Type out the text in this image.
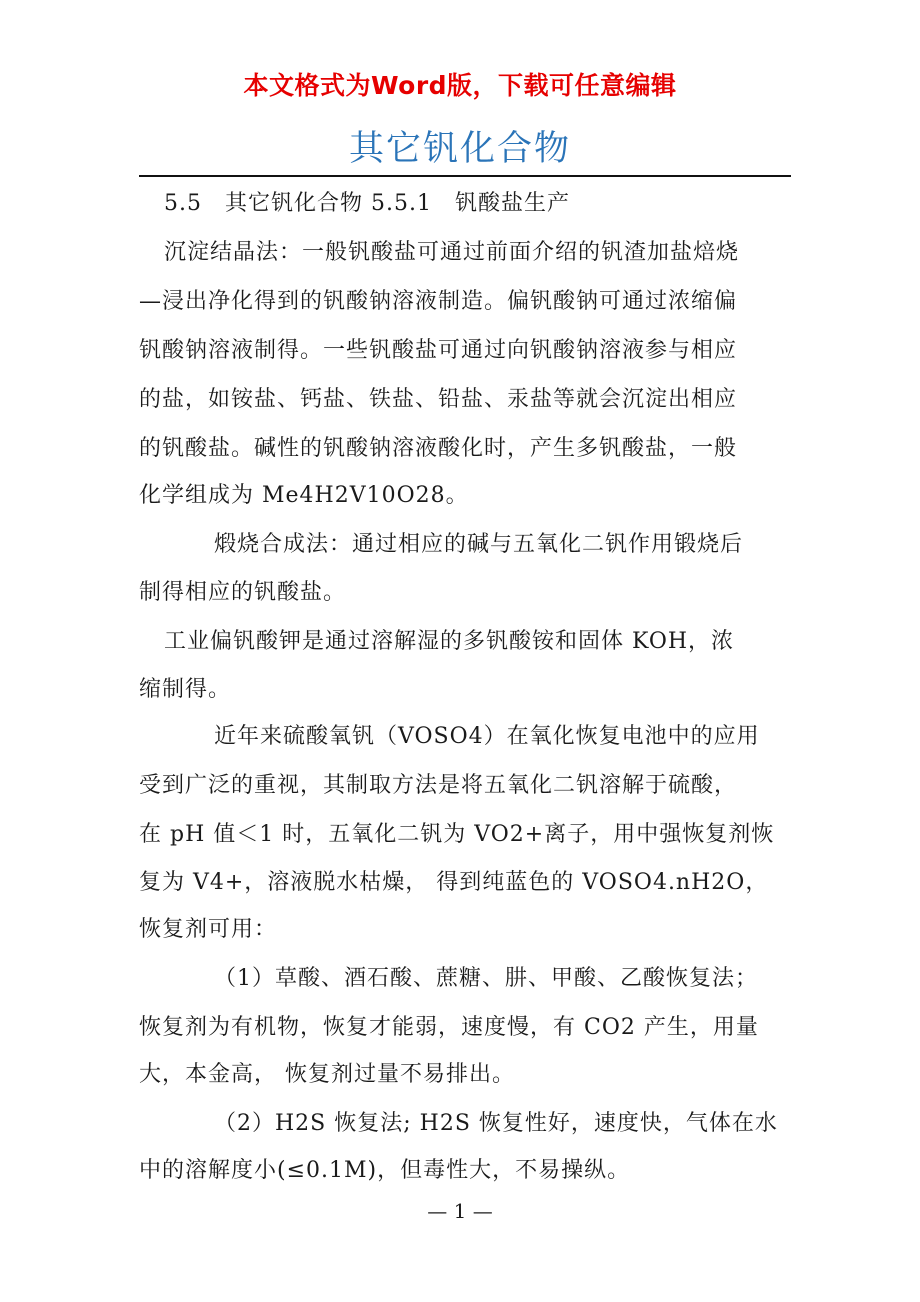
本文格式为Word版，下载可任意编辑
其它钒化合物
5.5　其它钒化合物 5.5.1　钒酸盐生产
沉淀结晶法：一般钒酸盐可通过前面介绍的钒渣加盐焙烧
—浸出净化得到的钒酸钠溶液制造。偏钒酸钠可通过浓缩偏
钒酸钠溶液制得。一些钒酸盐可通过向钒酸钠溶液参与相应
的盐，如铵盐、钙盐、铁盐、铅盐、汞盐等就会沉淀出相应
的钒酸盐。碱性的钒酸钠溶液酸化时，产生多钒酸盐，一般
化学组成为 Me4H2V10O28。
煅烧合成法：通过相应的碱与五氧化二钒作用锻烧后
制得相应的钒酸盐。
工业偏钒酸钾是通过溶解湿的多钒酸铵和固体 KOH，浓
缩制得。
近年来硫酸氧钒（VOSO4）在氧化恢复电池中的应用
受到广泛的重视，其制取方法是将五氧化二钒溶解于硫酸，
在 pH 值＜1 时，五氧化二钒为 VO2+离子，用中强恢复剂恢
复为 V4+，溶液脱水枯燥， 得到纯蓝色的 VOSO4.nH2O，
恢复剂可用：
（1）草酸、酒石酸、蔗糖、肼、甲酸、乙酸恢复法；
恢复剂为有机物，恢复才能弱，速度慢，有 CO2 产生，用量
大，本金高， 恢复剂过量不易排出。
（2）H2S 恢复法; H2S 恢复性好，速度快，气体在水
中的溶解度小(≤0.1M)，但毒性大，不易操纵。
— 1 —
